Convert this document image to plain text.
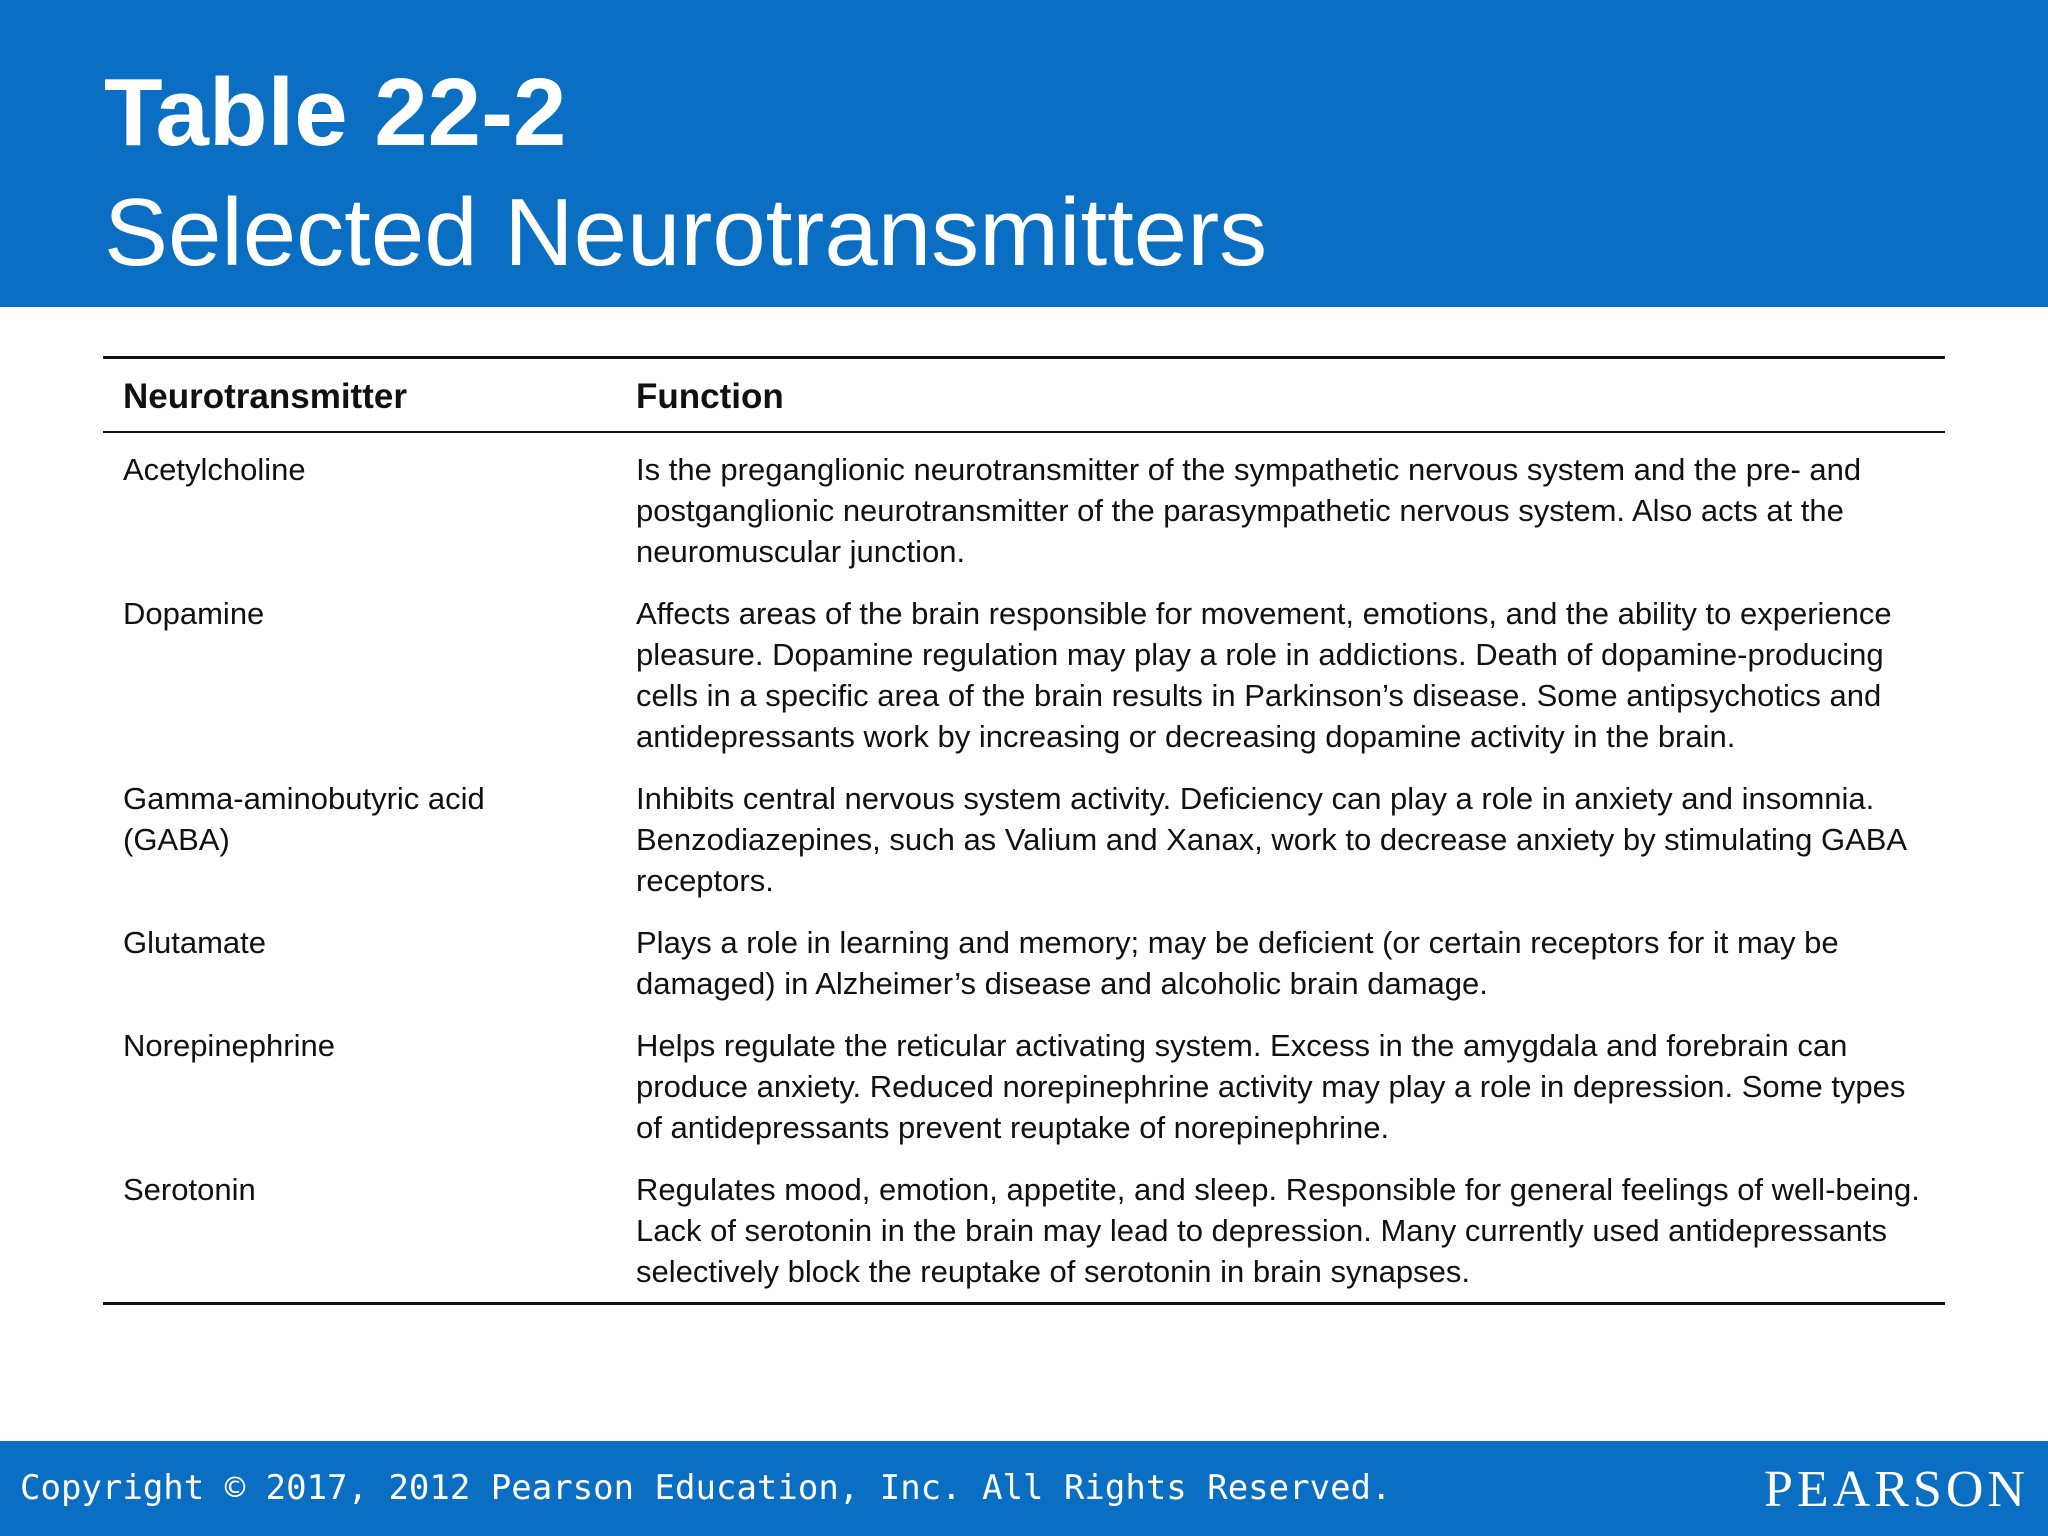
Table 22-2
Selected Neurotransmitters
Neurotransmitter	Function
Acetylcholine	Is the preganglionic neurotransmitter of the sympathetic nervous system and the pre- and postganglionic neurotransmitter of the parasympathetic nervous system. Also acts at the neuromuscular junction.
Dopamine	Affects areas of the brain responsible for movement, emotions, and the ability to experience pleasure. Dopamine regulation may play a role in addictions. Death of dopamine-producing cells in a specific area of the brain results in Parkinson’s disease. Some antipsychotics and antidepressants work by increasing or decreasing dopamine activity in the brain.
Gamma-aminobutyric acid (GABA)	Inhibits central nervous system activity. Deficiency can play a role in anxiety and insomnia. Benzodiazepines, such as Valium and Xanax, work to decrease anxiety by stimulating GABA receptors.
Glutamate	Plays a role in learning and memory; may be deficient (or certain receptors for it may be damaged) in Alzheimer’s disease and alcoholic brain damage.
Norepinephrine	Helps regulate the reticular activating system. Excess in the amygdala and forebrain can produce anxiety. Reduced norepinephrine activity may play a role in depression. Some types of antidepressants prevent reuptake of norepinephrine.
Serotonin	Regulates mood, emotion, appetite, and sleep. Responsible for general feelings of well-being. Lack of serotonin in the brain may lead to depression. Many currently used antidepressants selectively block the reuptake of serotonin in brain synapses.
Copyright © 2017, 2012 Pearson Education, Inc. All Rights Reserved.	PEARSON
